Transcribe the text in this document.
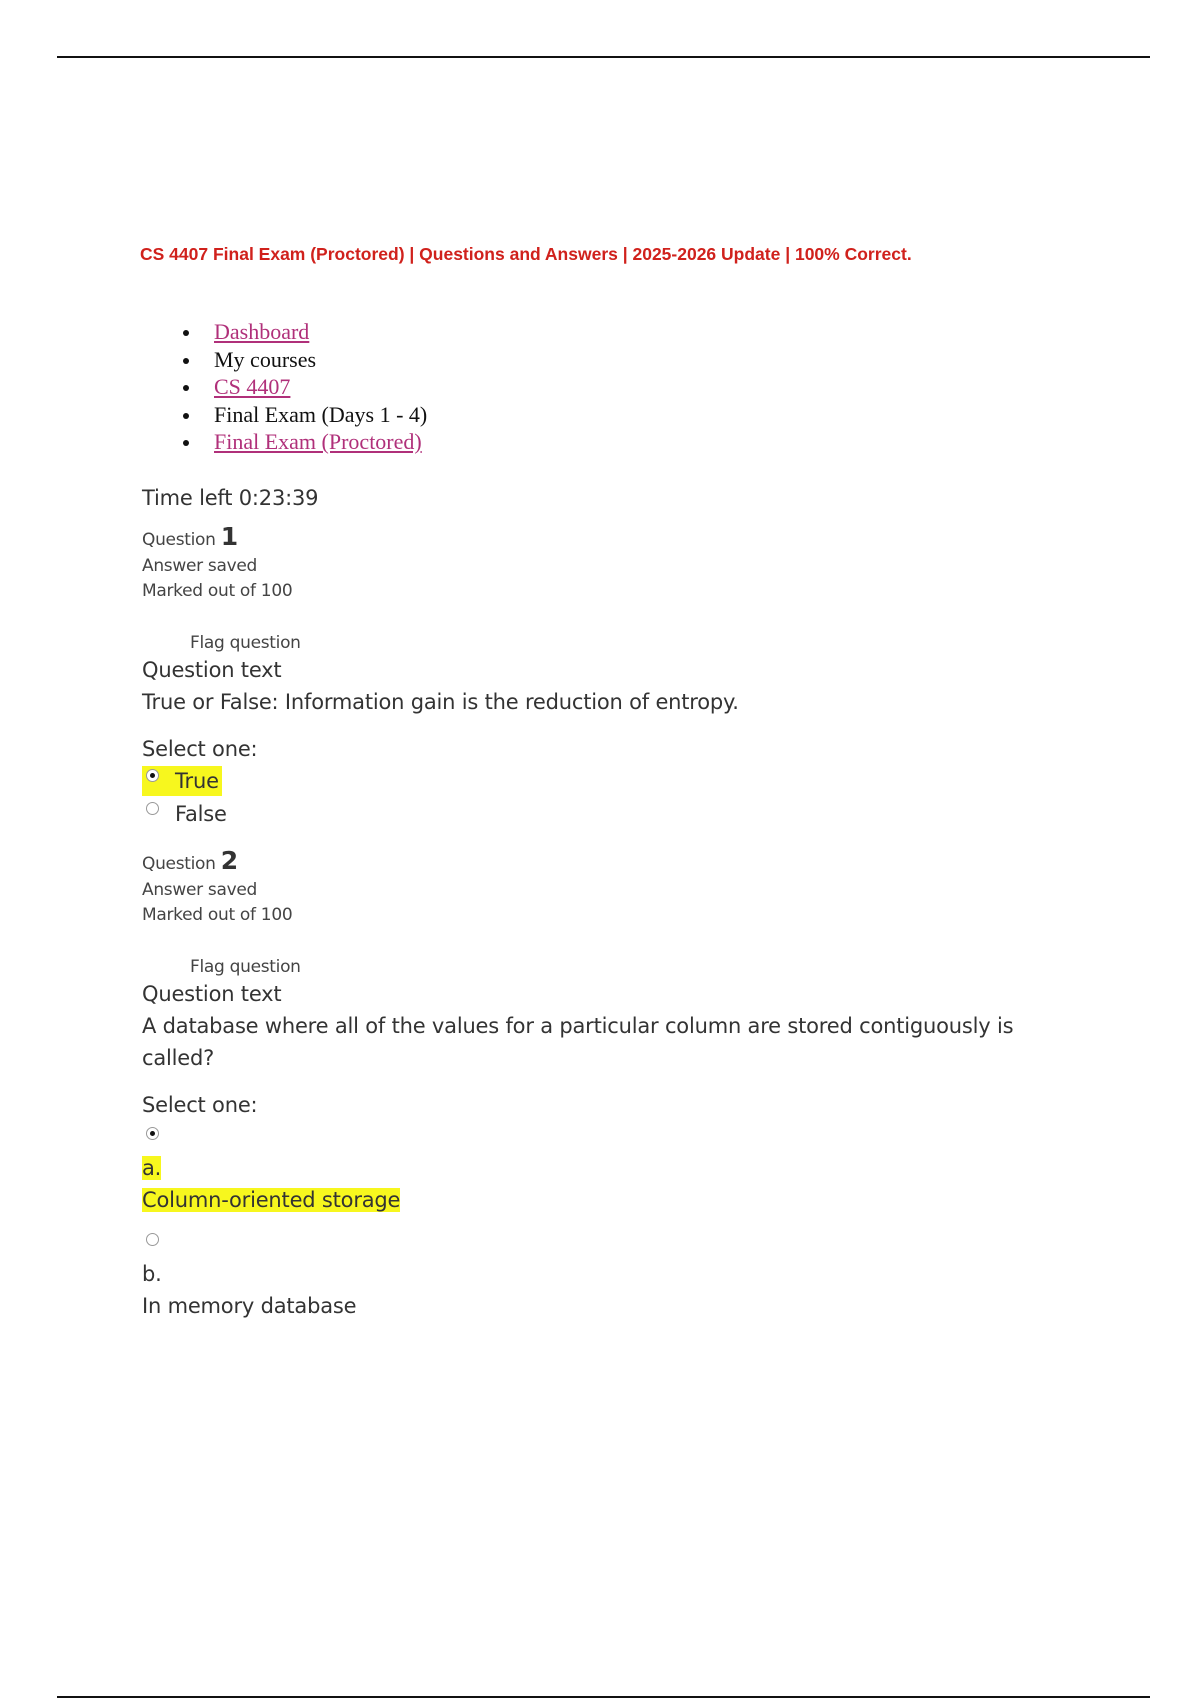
CS 4407 Final Exam (Proctored) | Questions and Answers | 2025-2026 Update | 100% Correct.
Dashboard
My courses
CS 4407
Final Exam (Days 1 - 4)
Final Exam (Proctored)
Time left 0:23:39
Question 1
Answer saved
Marked out of 100
Flag question
Question text
True or False: Information gain is the reduction of entropy.
Select one:
True
False
Question 2
Answer saved
Marked out of 100
Flag question
Question text
A database where all of the values for a particular column are stored contiguously is
called?
Select one:
a.
Column-oriented storage
b.
In memory database
